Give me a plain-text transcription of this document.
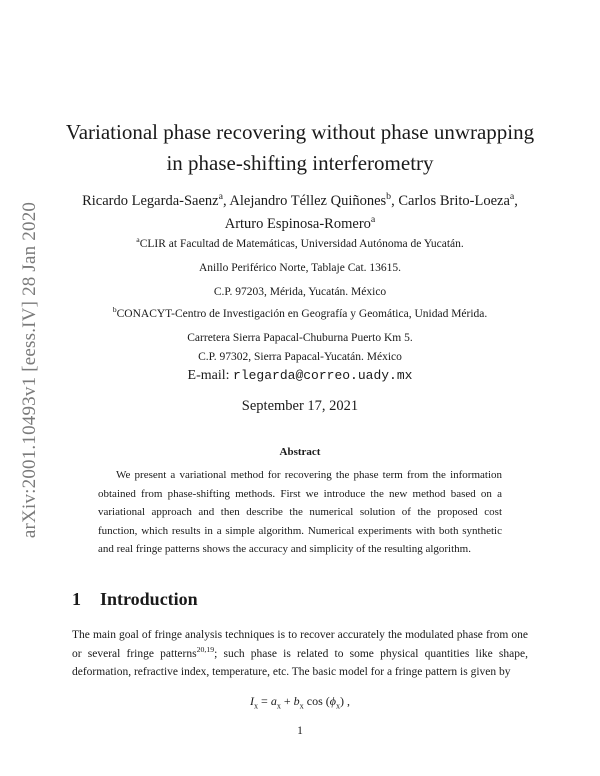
arXiv:2001.10493v1 [eess.IV] 28 Jan 2020
Variational phase recovering without phase unwrapping
in phase-shifting interferometry
Ricardo Legarda-Saenz$^a$, Alejandro Téllez Quiñones$^b$, Carlos Brito-Loeza$^a$,
Arturo Espinosa-Romero$^a$
$^a$CLIR at Facultad de Matemáticas, Universidad Autónoma de Yucatán.
Anillo Periférico Norte, Tablaje Cat. 13615.
C.P. 97203, Mérida, Yucatán. México
$^b$CONACYT-Centro de Investigación en Geografía y Geomática, Unidad Mérida.
Carretera Sierra Papacal-Chuburna Puerto Km 5.
C.P. 97302, Sierra Papacal-Yucatán. México
E-mail: rlegarda@correo.uady.mx
September 17, 2021
Abstract

We present a variational method for recovering the phase term from the information obtained from phase-shifting methods. First we introduce the new method based on a variational approach and then describe the numerical solution of the proposed cost function, which results in a simple algorithm. Numerical experiments with both synthetic and real fringe patterns shows the accuracy and simplicity of the resulting algorithm.

1 Introduction

The main goal of fringe analysis techniques is to recover accurately the modulated phase from one or several fringe patterns$^{20,19}$; such phase is related to some physical quantities like shape, deformation, refractive index, temperature, etc. The basic model for a fringe pattern is given by

$I_x = a_x + b_x$ $\cos (\phi_x)$ ,
1
